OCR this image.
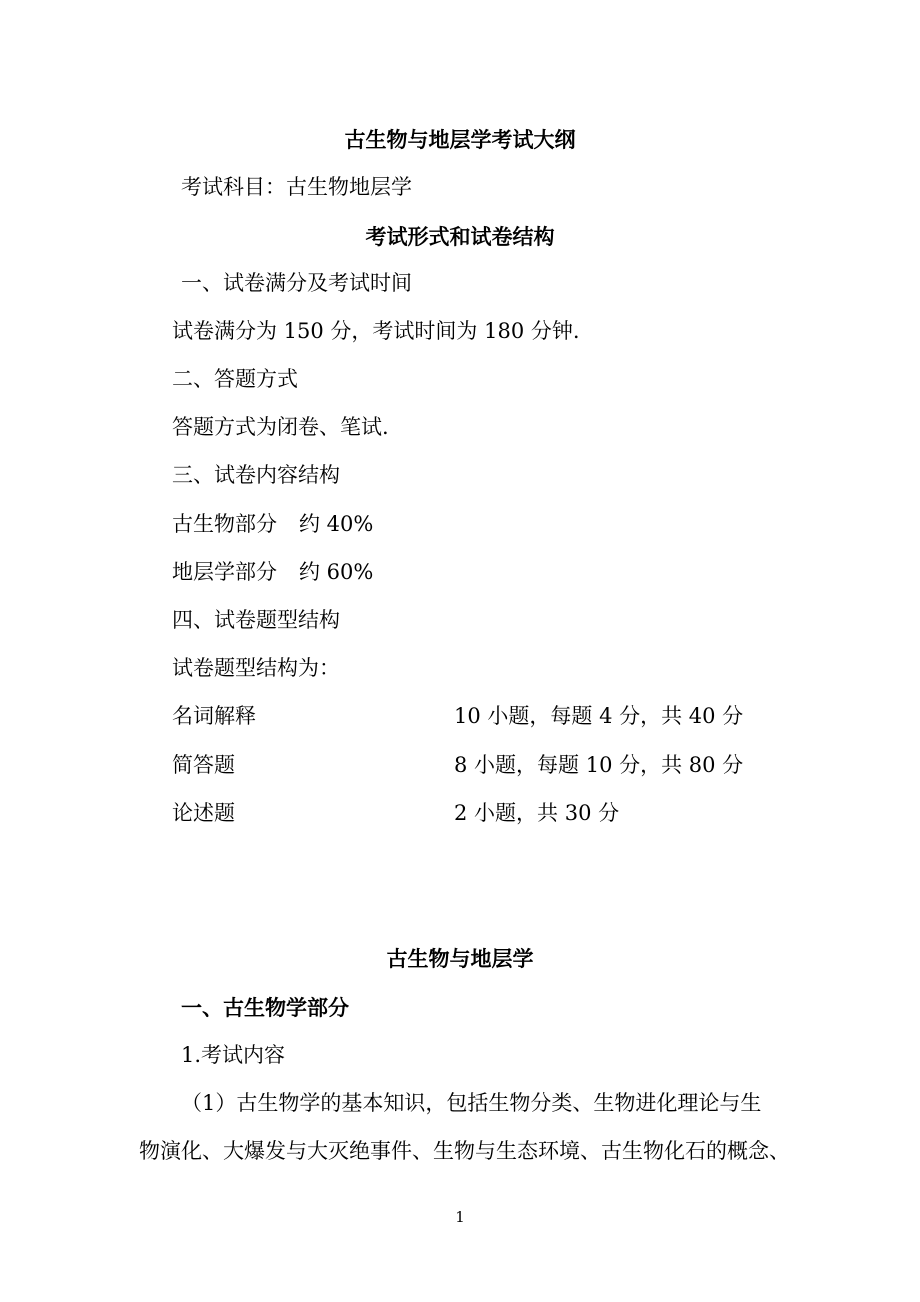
古生物与地层学考试大纲
考试科目：古生物地层学
考试形式和试卷结构
一、试卷满分及考试时间
试卷满分为 150 分，考试时间为 180 分钟.
二、答题方式
答题方式为闭卷、笔试.
三、试卷内容结构
古生物部分 约 40%
地层学部分 约 60%
四、试卷题型结构
试卷题型结构为：
名词解释	10 小题，每题 4 分，共 40 分
简答题	8 小题，每题 10 分，共 80 分
论述题	2 小题，共 30 分
古生物与地层学
一、古生物学部分
1.考试内容
（1）古生物学的基本知识，包括生物分类、生物进化理论与生
物演化、大爆发与大灭绝事件、生物与生态环境、古生物化石的概念、
1
